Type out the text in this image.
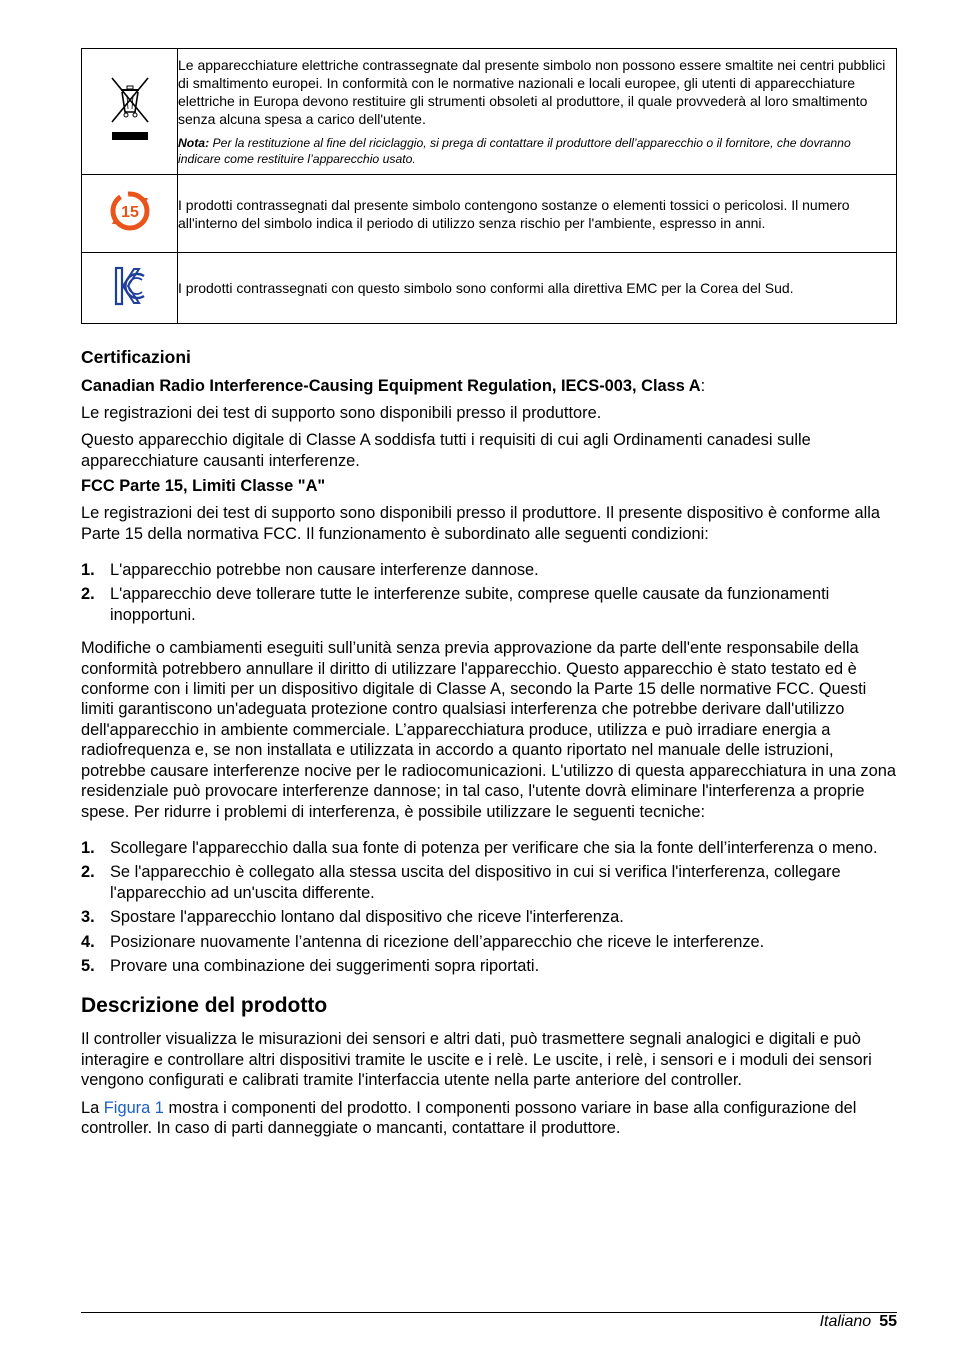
Le apparecchiature elettriche contrassegnate dal presente simbolo non possono essere smaltite nei centri pubblici di smaltimento europei. In conformità con le normative nazionali e locali europee, gli utenti di apparecchiature elettriche in Europa devono restituire gli strumenti obsoleti al produttore, il quale provvederà al loro smaltimento senza alcuna spesa a carico dell'utente.

Nota: Per la restituzione al fine del riciclaggio, si prega di contattare il produttore dell’apparecchio o il fornitore, che dovranno indicare come restituire l’apparecchio usato.

15	I prodotti contrassegnati dal presente simbolo contengono sostanze o elementi tossici o pericolosi. Il numero all'interno del simbolo indica il periodo di utilizzo senza rischio per l'ambiente, espresso in anni.

I prodotti contrassegnati con questo simbolo sono conformi alla direttiva EMC per la Corea del Sud.

Certificazioni
Canadian Radio Interference-Causing Equipment Regulation, IECS-003, Class A:

Le registrazioni dei test di supporto sono disponibili presso il produttore.

Questo apparecchio digitale di Classe A soddisfa tutti i requisiti di cui agli Ordinamenti canadesi sulle apparecchiature causanti interferenze.

FCC Parte 15, Limiti Classe "A"

Le registrazioni dei test di supporto sono disponibili presso il produttore. Il presente dispositivo è conforme alla Parte 15 della normativa FCC. Il funzionamento è subordinato alle seguenti condizioni:

1. L'apparecchio potrebbe non causare interferenze dannose.
2. L'apparecchio deve tollerare tutte le interferenze subite, comprese quelle causate da funzionamenti inopportuni.

Modifiche o cambiamenti eseguiti sull’unità senza previa approvazione da parte dell'ente responsabile della conformità potrebbero annullare il diritto di utilizzare l'apparecchio. Questo apparecchio è stato testato ed è conforme con i limiti per un dispositivo digitale di Classe A, secondo la Parte 15 delle normative FCC. Questi limiti garantiscono un'adeguata protezione contro qualsiasi interferenza che potrebbe derivare dall'utilizzo dell'apparecchio in ambiente commerciale. L’apparecchiatura produce, utilizza e può irradiare energia a radiofrequenza e, se non installata e utilizzata in accordo a quanto riportato nel manuale delle istruzioni, potrebbe causare interferenze nocive per le radiocomunicazioni. L'utilizzo di questa apparecchiatura in una zona residenziale può provocare interferenze dannose; in tal caso, l'utente dovrà eliminare l'interferenza a proprie spese. Per ridurre i problemi di interferenza, è possibile utilizzare le seguenti tecniche:

1. Scollegare l'apparecchio dalla sua fonte di potenza per verificare che sia la fonte dell’interferenza o meno.
2. Se l'apparecchio è collegato alla stessa uscita del dispositivo in cui si verifica l'interferenza, collegare l'apparecchio ad un'uscita differente.
3. Spostare l'apparecchio lontano dal dispositivo che riceve l'interferenza.
4. Posizionare nuovamente l’antenna di ricezione dell’apparecchio che riceve le interferenze.
5. Provare una combinazione dei suggerimenti sopra riportati.
Descrizione del prodotto

Il controller visualizza le misurazioni dei sensori e altri dati, può trasmettere segnali analogici e digitali e può interagire e controllare altri dispositivi tramite le uscite e i relè. Le uscite, i relè, i sensori e i moduli dei sensori vengono configurati e calibrati tramite l'interfaccia utente nella parte anteriore del controller.

La Figura 1 mostra i componenti del prodotto. I componenti possono variare in base alla configurazione del controller. In caso di parti danneggiate o mancanti, contattare il produttore.

Italiano 55
